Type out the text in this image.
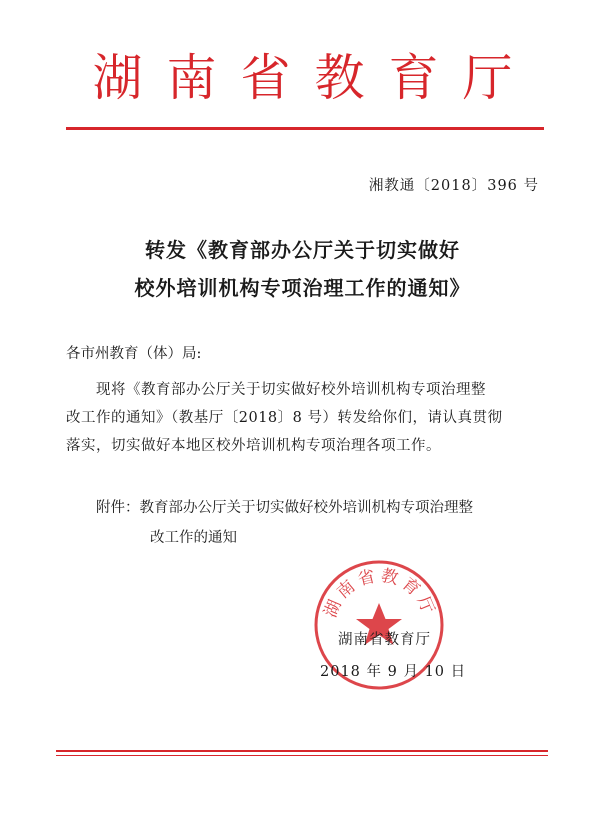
湖南省教育厅
湘教通〔2018〕396 号
转发《教育部办公厅关于切实做好
校外培训机构专项治理工作的通知》
各市州教育（体）局:
现将《教育部办公厅关于切实做好校外培训机构专项治理整
改工作的通知》（教基厅〔2018〕8 号）转发给你们，请认真贯彻
落实，切实做好本地区校外培训机构专项治理各项工作。
附件：教育部办公厅关于切实做好校外培训机构专项治理整
改工作的通知
湖南省教育厅
湖南省教育厅
2018 年 9 月 10 日
